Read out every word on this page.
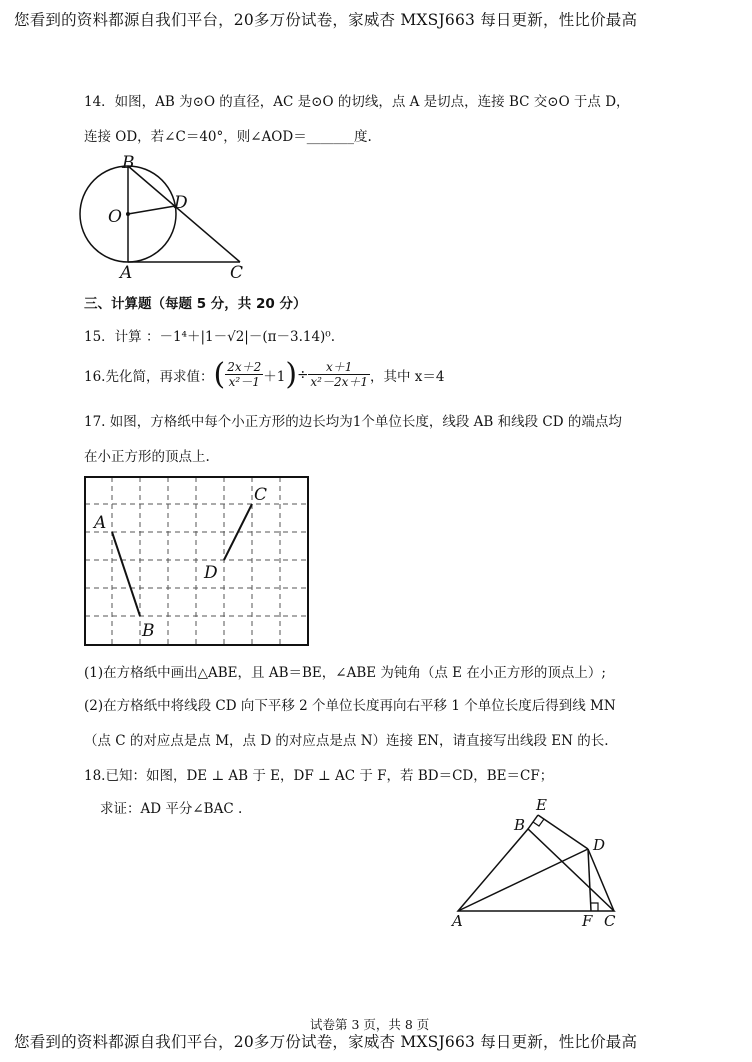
您看到的资料都源自我们平台，20多万份试卷，家威杏 MXSJ663 每日更新，性比价最高
14．如图，AB 为⊙O 的直径，AC 是⊙O 的切线，点 A 是切点，连接 BC 交⊙O 于点 D，
连接 OD，若∠C＝40°，则∠AOD＝_______度.
B
O
D
A	C
三、计算题（每题 5 分，共 20 分）
15．计算 ：－1⁴＋|1－√2|－(π－3.14)⁰.
16.先化简，再求值： ( $\frac{2x+2}{\text{x²－1}} +1$ ) ÷ $\frac{x+1}{\text{x²－2x＋1}}$ ，其中 x＝4
17. 如图，方格纸中每个小正方形的边长均为1个单位长度，线段 AB 和线段 CD 的端点均
在小正方形的顶点上.
A
B
C
D
(1)在方格纸中画出△ABE，且 AB＝BE，∠ABE 为钝角（点 E 在小正方形的顶点上）;
(2)在方格纸中将线段 CD 向下平移 2 个单位长度再向右平移 1 个单位长度后得到线 MN
（点 C 的对应点是点 M，点 D 的对应点是点 N）连接 EN，请直接写出线段 EN 的长.
18.已知：如图，DE ⊥ AB 于 E，DF ⊥ AC 于 F，若 BD＝CD，BE＝CF；
求证：AD 平分∠BAC .	E
B
D
A	F C
试卷第 3 页，共 8 页
您看到的资料都源自我们平台，20多万份试卷，家威杏 MXSJ663 每日更新，性比价最高
